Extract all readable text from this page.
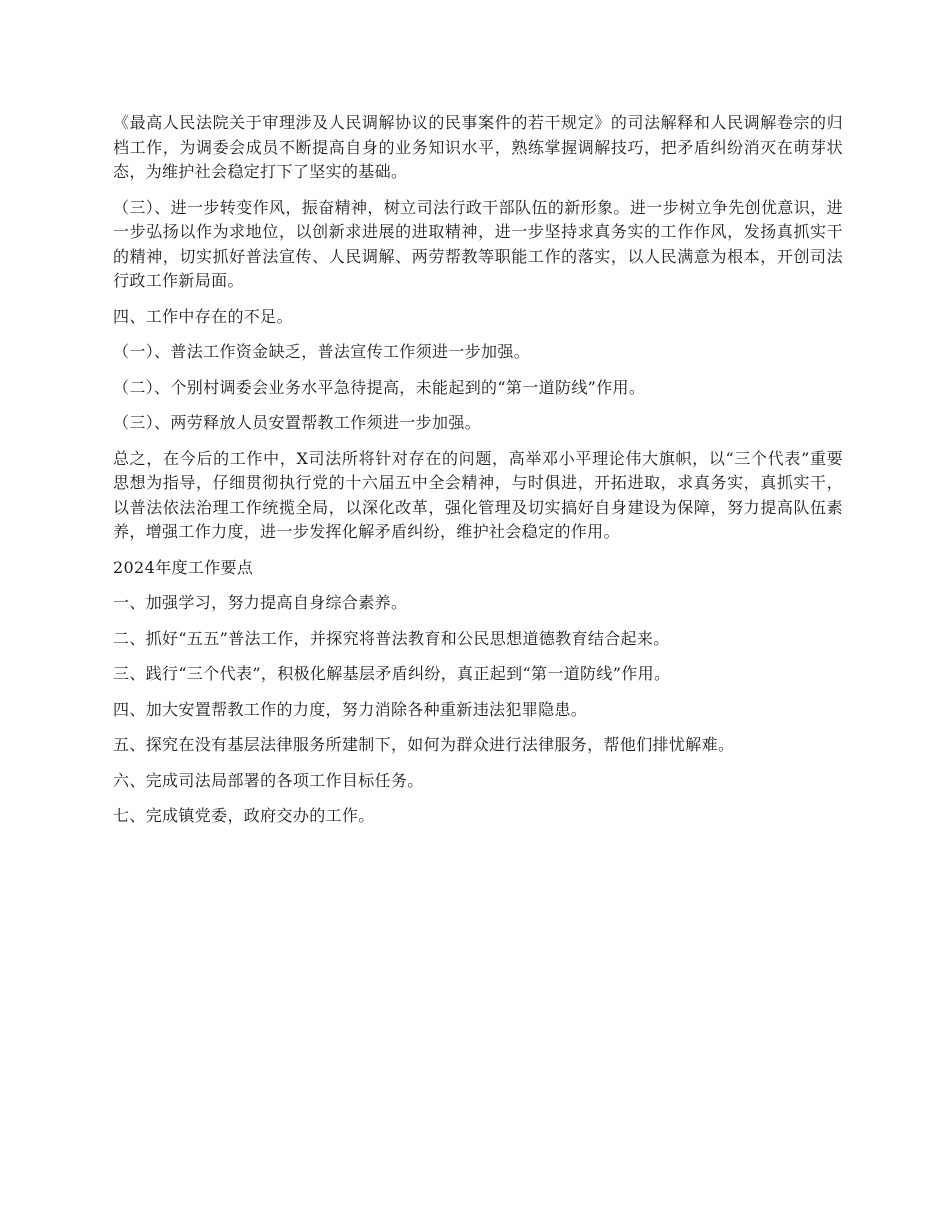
《最高人民法院关于审理涉及人民调解协议的民事案件的若干规定》的司法解释和人民调解卷宗的归档工作，为调委会成员不断提高自身的业务知识水平，熟练掌握调解技巧，把矛盾纠纷消灭在萌芽状态，为维护社会稳定打下了坚实的基础。

（三）、进一步转变作风，振奋精神，树立司法行政干部队伍的新形象。进一步树立争先创优意识，进一步弘扬以作为求地位，以创新求进展的进取精神，进一步坚持求真务实的工作作风，发扬真抓实干的精神，切实抓好普法宣传、人民调解、两劳帮教等职能工作的落实，以人民满意为根本，开创司法行政工作新局面。

四、工作中存在的不足。

（一）、普法工作资金缺乏，普法宣传工作须进一步加强。

（二）、个别村调委会业务水平急待提高，未能起到的“第一道防线”作用。

（三）、两劳释放人员安置帮教工作须进一步加强。

总之，在今后的工作中，X司法所将针对存在的问题，高举邓小平理论伟大旗帜，以“三个代表”重要思想为指导，仔细贯彻执行党的十六届五中全会精神，与时俱进，开拓进取，求真务实，真抓实干，以普法依法治理工作统揽全局，以深化改革，强化管理及切实搞好自身建设为保障，努力提高队伍素养，增强工作力度，进一步发挥化解矛盾纠纷，维护社会稳定的作用。

2024年度工作要点

一、加强学习，努力提高自身综合素养。

二、抓好“五五”普法工作，并探究将普法教育和公民思想道德教育结合起来。

三、践行“三个代表”，积极化解基层矛盾纠纷，真正起到“第一道防线”作用。

四、加大安置帮教工作的力度，努力消除各种重新违法犯罪隐患。

五、探究在没有基层法律服务所建制下，如何为群众进行法律服务，帮他们排忧解难。

六、完成司法局部署的各项工作目标任务。

七、完成镇党委，政府交办的工作。
